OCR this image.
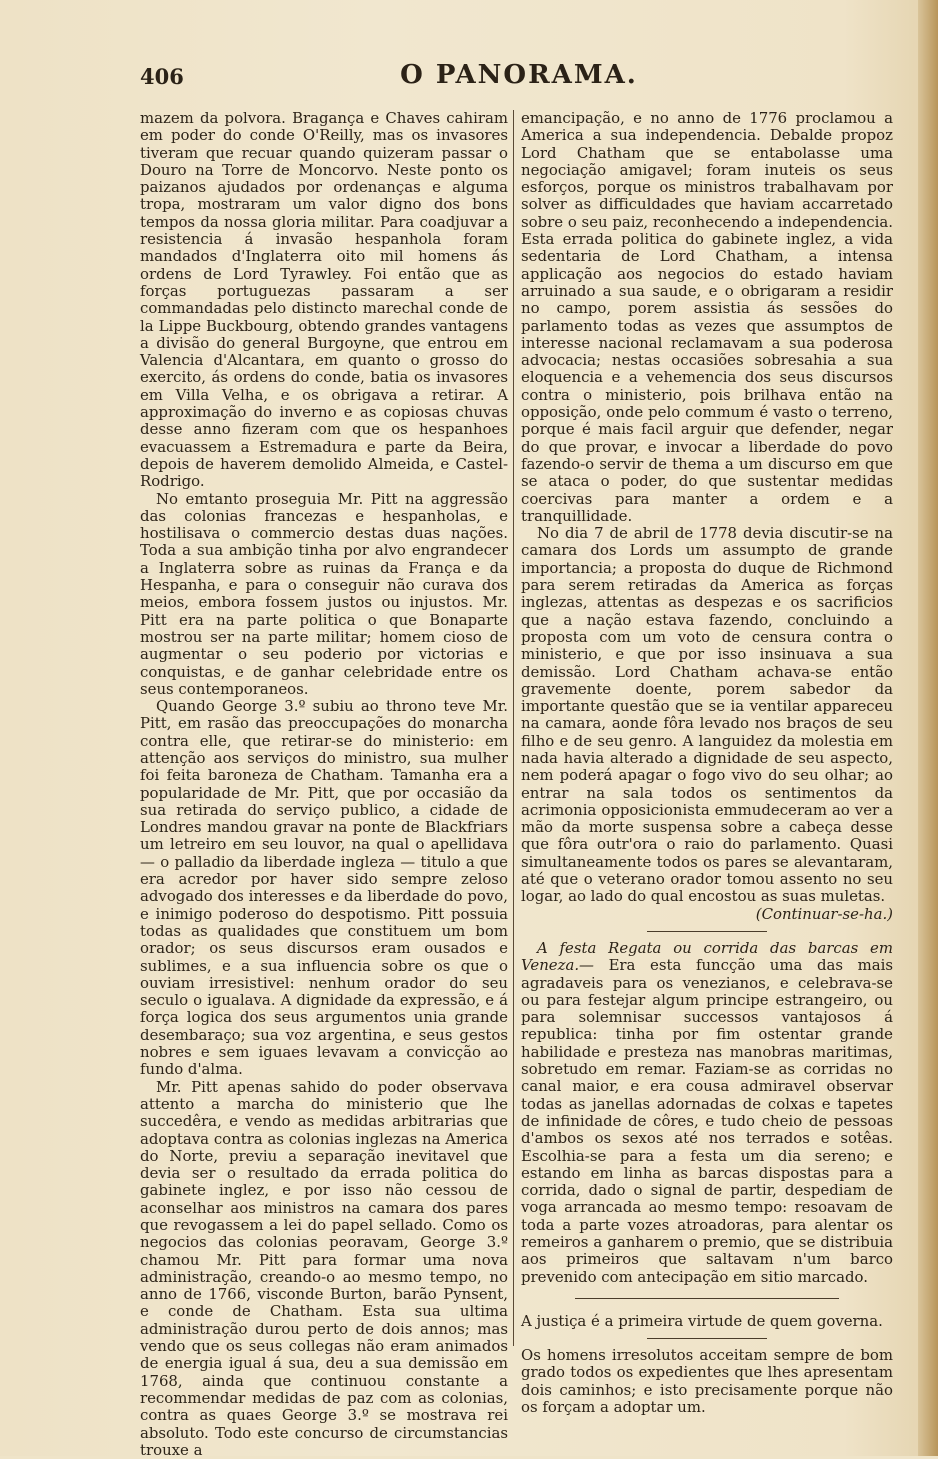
406	O PANORAMA.

mazem da polvora. Bragança e Chaves cahiram em poder do conde O'Reilly, mas os invasores tiveram que recuar quando quizeram passar o Douro na Torre de Moncorvo. Neste ponto os paizanos ajudados por ordenanças e alguma tropa, mostraram um valor digno dos bons tempos da nossa gloria militar. Para coadjuvar a resistencia á invasão hespanhola foram mandados d'Inglaterra oito mil homens ás ordens de Lord Tyrawley. Foi então que as forças portuguezas passaram a ser commandadas pelo distincto marechal conde de la Lippe Buckbourg, obtendo grandes vantagens a divisão do general Burgoyne, que entrou em Valencia d'Alcantara, em quanto o grosso do exercito, ás ordens do conde, batia os invasores em Villa Velha, e os obrigava a retirar. A approximação do inverno e as copiosas chuvas desse anno fizeram com que os hespanhoes evacuassem a Estremadura e parte da Beira, depois de haverem demolido Almeida, e Castel-Rodrigo.

No emtanto proseguia Mr. Pitt na aggressão das colonias francezas e hespanholas, e hostilisava o commercio destas duas nações. Toda a sua ambição tinha por alvo engrandecer a Inglaterra sobre as ruinas da França e da Hespanha, e para o conseguir não curava dos meios, embora fossem justos ou injustos. Mr. Pitt era na parte politica o que Bonaparte mostrou ser na parte militar; homem cioso de augmentar o seu poderio por victorias e conquistas, e de ganhar celebridade entre os seus contemporaneos.

Quando George 3.º subiu ao throno teve Mr. Pitt, em rasão das preoccupações do monarcha contra elle, que retirar-se do ministerio: em attenção aos serviços do ministro, sua mulher foi feita baroneza de Chatham. Tamanha era a popularidade de Mr. Pitt, que por occasião da sua retirada do serviço publico, a cidade de Londres mandou gravar na ponte de Blackfriars um letreiro em seu louvor, na qual o apellidava — o palladio da liberdade ingleza — titulo a que era acredor por haver sido sempre zeloso advogado dos interesses e da liberdade do povo, e inimigo poderoso do despotismo. Pitt possuia todas as qualidades que constituem um bom orador; os seus discursos eram ousados e sublimes, e a sua influencia sobre os que o ouviam irresistivel: nenhum orador do seu seculo o igualava. A dignidade da expressão, e á força logica dos seus argumentos unia grande desembaraço; sua voz argentina, e seus gestos nobres e sem iguaes levavam a convicção ao fundo d'alma.

Mr. Pitt apenas sahido do poder observava attento a marcha do ministerio que lhe succedêra, e vendo as medidas arbitrarias que adoptava contra as colonias inglezas na America do Norte, previu a separação inevitavel que devia ser o resultado da errada politica do gabinete inglez, e por isso não cessou de aconselhar aos ministros na camara dos pares que revogassem a lei do papel sellado. Como os negocios das colonias peoravam, George 3.º chamou Mr. Pitt para formar uma nova administração, creando-o ao mesmo tempo, no anno de 1766, visconde Burton, barão Pynsent, e conde de Chatham. Esta sua ultima administração durou perto de dois annos; mas vendo que os seus collegas não eram animados de energia igual á sua, deu a sua demissão em 1768, ainda que continuou constante a recommendar medidas de paz com as colonias, contra as quaes George 3.º se mostrava rei absoluto. Todo este concurso de circumstancias trouxe a

emancipação, e no anno de 1776 proclamou a America a sua independencia. Debalde propoz Lord Chatham que se entabolasse uma negociação amigavel; foram inuteis os seus esforços, porque os ministros trabalhavam por solver as difficuldades que haviam accarretado sobre o seu paiz, reconhecendo a independencia. Esta errada politica do gabinete inglez, a vida sedentaria de Lord Chatham, a intensa applicação aos negocios do estado haviam arruinado a sua saude, e o obrigaram a residir no campo, porem assistia ás sessões do parlamento todas as vezes que assumptos de interesse nacional reclamavam a sua poderosa advocacia; nestas occasiões sobresahia a sua eloquencia e a vehemencia dos seus discursos contra o ministerio, pois brilhava então na opposição, onde pelo commum é vasto o terreno, porque é mais facil arguir que defender, negar do que provar, e invocar a liberdade do povo fazendo-o servir de thema a um discurso em que se ataca o poder, do que sustentar medidas coercivas para manter a ordem e a tranquillidade.

No dia 7 de abril de 1778 devia discutir-se na camara dos Lords um assumpto de grande importancia; a proposta do duque de Richmond para serem retiradas da America as forças inglezas, attentas as despezas e os sacrificios que a nação estava fazendo, concluindo a proposta com um voto de censura contra o ministerio, e que por isso insinuava a sua demissão. Lord Chatham achava-se então gravemente doente, porem sabedor da importante questão que se ia ventilar appareceu na camara, aonde fôra levado nos braços de seu filho e de seu genro. A languidez da molestia em nada havia alterado a dignidade de seu aspecto, nem poderá apagar o fogo vivo do seu olhar; ao entrar na sala todos os sentimentos da acrimonia opposicionista emmudeceram ao ver a mão da morte suspensa sobre a cabeça desse que fôra outr'ora o raio do parlamento. Quasi simultaneamente todos os pares se alevantaram, até que o veterano orador tomou assento no seu logar, ao lado do qual encostou as suas muletas.

(Continuar-se-ha.)

A festa Regata ou corrida das barcas em Veneza.— Era esta funcção uma das mais agradaveis para os venezianos, e celebrava-se ou para festejar algum principe estrangeiro, ou para solemnisar successos vantajosos á republica: tinha por fim ostentar grande habilidade e presteza nas manobras maritimas, sobretudo em remar. Faziam-se as corridas no canal maior, e era cousa admiravel observar todas as janellas adornadas de colxas e tapetes de infinidade de côres, e tudo cheio de pessoas d'ambos os sexos até nos terrados e sotêas. Escolhia-se para a festa um dia sereno; e estando em linha as barcas dispostas para a corrida, dado o signal de partir, despediam de voga arrancada ao mesmo tempo: resoavam de toda a parte vozes atroadoras, para alentar os remeiros a ganharem o premio, que se distribuia aos primeiros que saltavam n'um barco prevenido com antecipação em sitio marcado.

A justiça é a primeira virtude de quem governa.

Os homens irresolutos acceitam sempre de bom grado todos os expedientes que lhes apresentam dois caminhos; e isto precisamente porque não os forçam a adoptar um.
